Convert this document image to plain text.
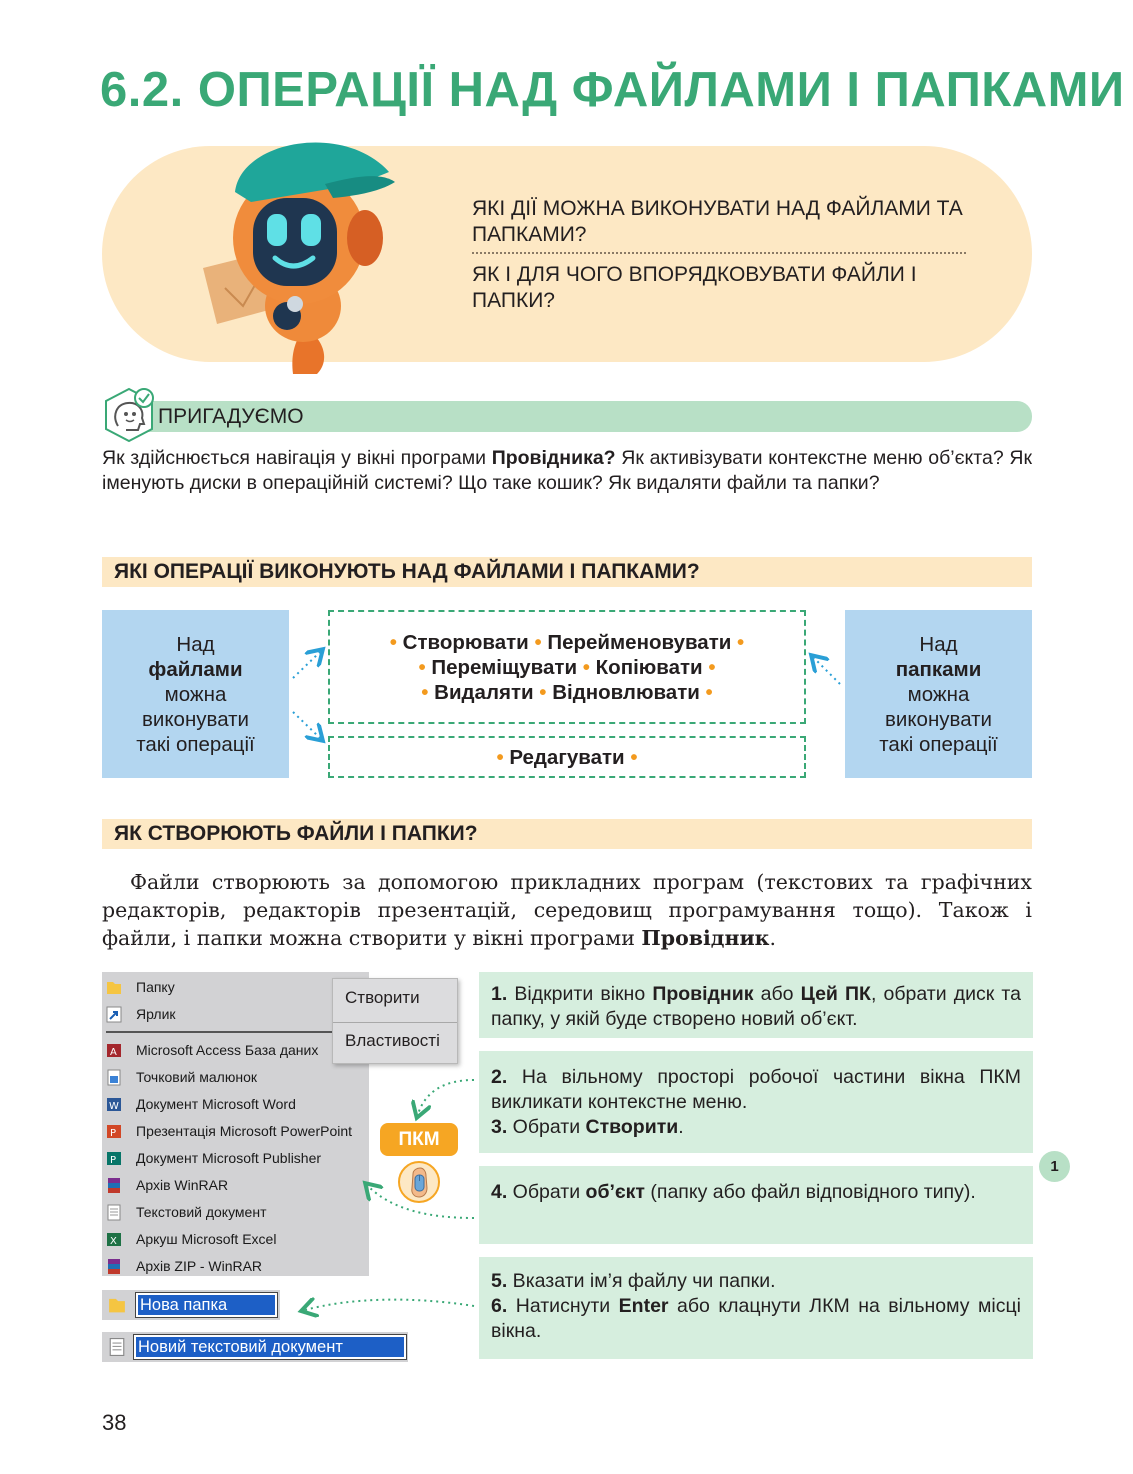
6.2. ОПЕРАЦІЇ НАД ФАЙЛАМИ І ПАПКАМИ
ЯКІ ДІЇ МОЖНА ВИКОНУВАТИ НАД ФАЙЛАМИ ТА ПАПКАМИ?
ЯК І ДЛЯ ЧОГО ВПОРЯДКОВУВАТИ ФАЙЛИ І ПАПКИ?
ПРИГАДУЄМО
Як здійснюється навігація у вікні програми Провідника? Як активізувати контекстне меню об’єкта? Як іменують диски в операційній системі? Що таке кошик? Як видаляти файли та папки?
ЯКІ ОПЕРАЦІЇ ВИКОНУЮТЬ НАД ФАЙЛАМИ І ПАПКАМИ?
Над
файлами
можна
виконувати
такі операції
• Створювати • Перейменовувати •
• Переміщувати • Копіювати •
• Видаляти • Відновлювати •
• Редагувати •
Над
папками
можна
виконувати
такі операції
ЯК СТВОРЮЮТЬ ФАЙЛИ І ПАПКИ?
Файли створюють за допомогою прикладних програм (текстових та графічних редакторів, редакторів презентацій, середовищ програмування тощо). Також і файли, і папки можна створити у вікні програми Провідник.
Папку
Ярлик
A Microsoft Access База даних
Точковий малюнок
W Документ Microsoft Word
P Презентація Microsoft PowerPoint
P Документ Microsoft Publisher
Архів WinRAR
Текстовий документ
X Аркуш Microsoft Excel
Архів ZIP - WinRAR
Створити
Властивості
Нова папка
Новий текстовий документ
ПКМ
1. Відкрити вікно Провідник або Цей ПК, обрати диск та папку, у якій буде створено новий об’єкт.
2. На вільному просторі робочої частини вікна ПКМ викликати контекстне меню.
3. Обрати Створити.
4. Обрати об’єкт (папку або файл відповідного типу).
5. Вказати ім’я файлу чи папки.
6. Натиснути Enter або клацнути ЛКМ на вільному місці вікна.
1
38
